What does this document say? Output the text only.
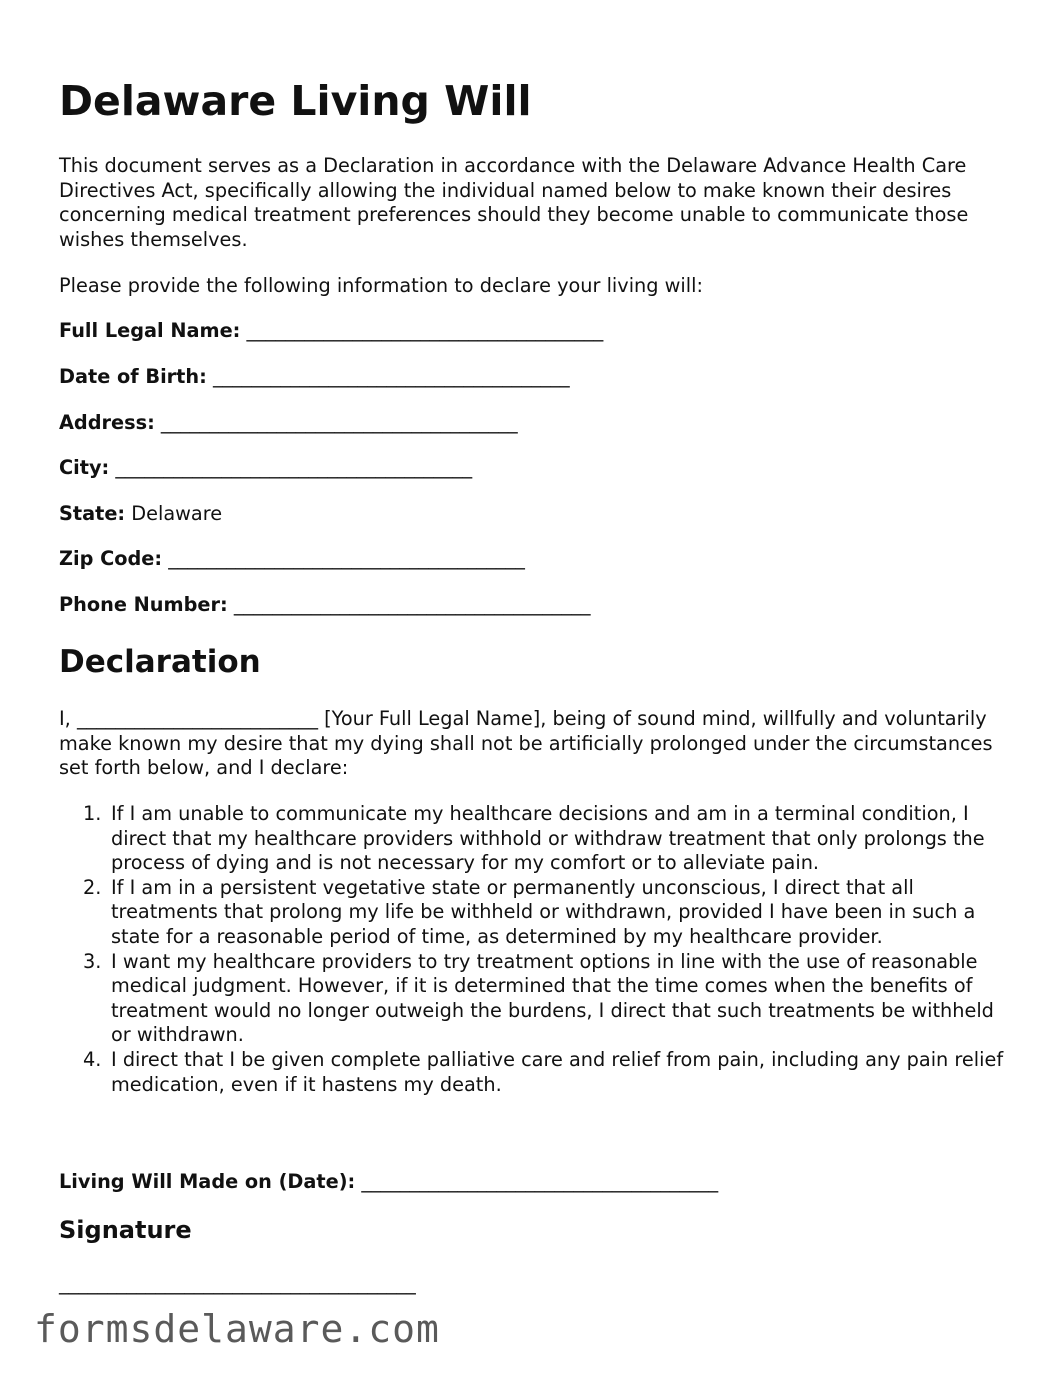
Delaware Living Will

This document serves as a Declaration in accordance with the Delaware Advance Health Care Directives Act, specifically allowing the individual named below to make known their desires concerning medical treatment preferences should they become unable to communicate those wishes themselves.

Please provide the following information to declare your living will:

Full Legal Name: _____________________________________

Date of Birth: _____________________________________

Address: _____________________________________

City: _____________________________________

State: Delaware

Zip Code: _____________________________________

Phone Number: _____________________________________

Declaration

I, _________________________ [Your Full Legal Name], being of sound mind, willfully and voluntarily make known my desire that my dying shall not be artificially prolonged under the circumstances set forth below, and I declare:

1. If I am unable to communicate my healthcare decisions and am in a terminal condition, I direct that my healthcare providers withhold or withdraw treatment that only prolongs the process of dying and is not necessary for my comfort or to alleviate pain.
2. If I am in a persistent vegetative state or permanently unconscious, I direct that all treatments that prolong my life be withheld or withdrawn, provided I have been in such a state for a reasonable period of time, as determined by my healthcare provider.
3. I want my healthcare providers to try treatment options in line with the use of reasonable medical judgment. However, if it is determined that the time comes when the benefits of treatment would no longer outweigh the burdens, I direct that such treatments be withheld or withdrawn.
4. I direct that I be given complete palliative care and relief from pain, including any pain relief medication, even if it hastens my death.

Living Will Made on (Date): _____________________________________

Signature

_____________________________________

formsdelaware.com
